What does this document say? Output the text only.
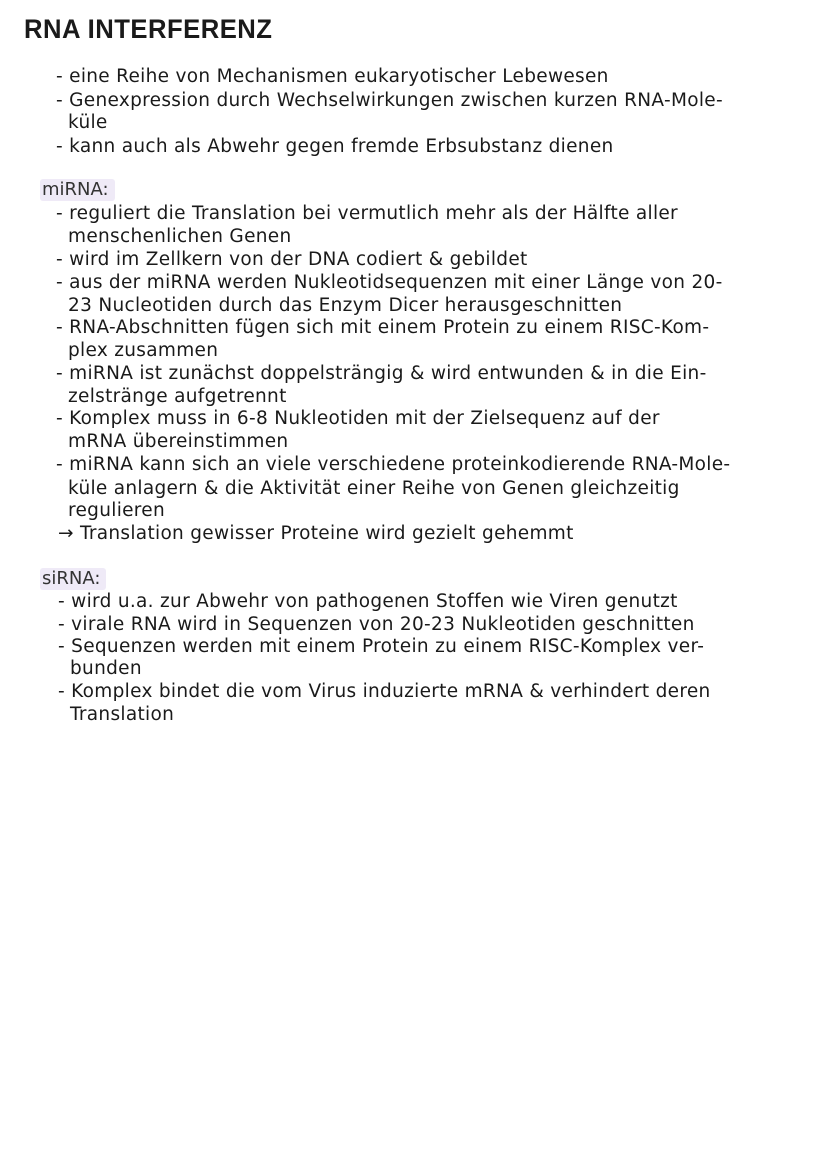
RNA INTERFERENZ
- eine Reihe von Mechanismen eukaryotischer Lebewesen
- Genexpression durch Wechselwirkungen zwischen kurzen RNA-Mole-
küle
- kann auch als Abwehr gegen fremde Erbsubstanz dienen
miRNA:
- reguliert die Translation bei vermutlich mehr als der Hälfte aller
menschenlichen Genen
- wird im Zellkern von der DNA codiert & gebildet
- aus der miRNA werden Nukleotidsequenzen mit einer Länge von 20-
23 Nucleotiden durch das Enzym Dicer herausgeschnitten
- RNA-Abschnitten fügen sich mit einem Protein zu einem RISC-Kom-
plex zusammen
- miRNA ist zunächst doppelsträngig & wird entwunden & in die Ein-
zelstränge aufgetrennt
- Komplex muss in 6-8 Nukleotiden mit der Zielsequenz auf der
mRNA übereinstimmen
- miRNA kann sich an viele verschiedene proteinkodierende RNA-Mole-
küle anlagern & die Aktivität einer Reihe von Genen gleichzeitig
regulieren
→ Translation gewisser Proteine wird gezielt gehemmt
siRNA:
- wird u.a. zur Abwehr von pathogenen Stoffen wie Viren genutzt
- virale RNA wird in Sequenzen von 20-23 Nukleotiden geschnitten
- Sequenzen werden mit einem Protein zu einem RISC-Komplex ver-
bunden
- Komplex bindet die vom Virus induzierte mRNA & verhindert deren
Translation
